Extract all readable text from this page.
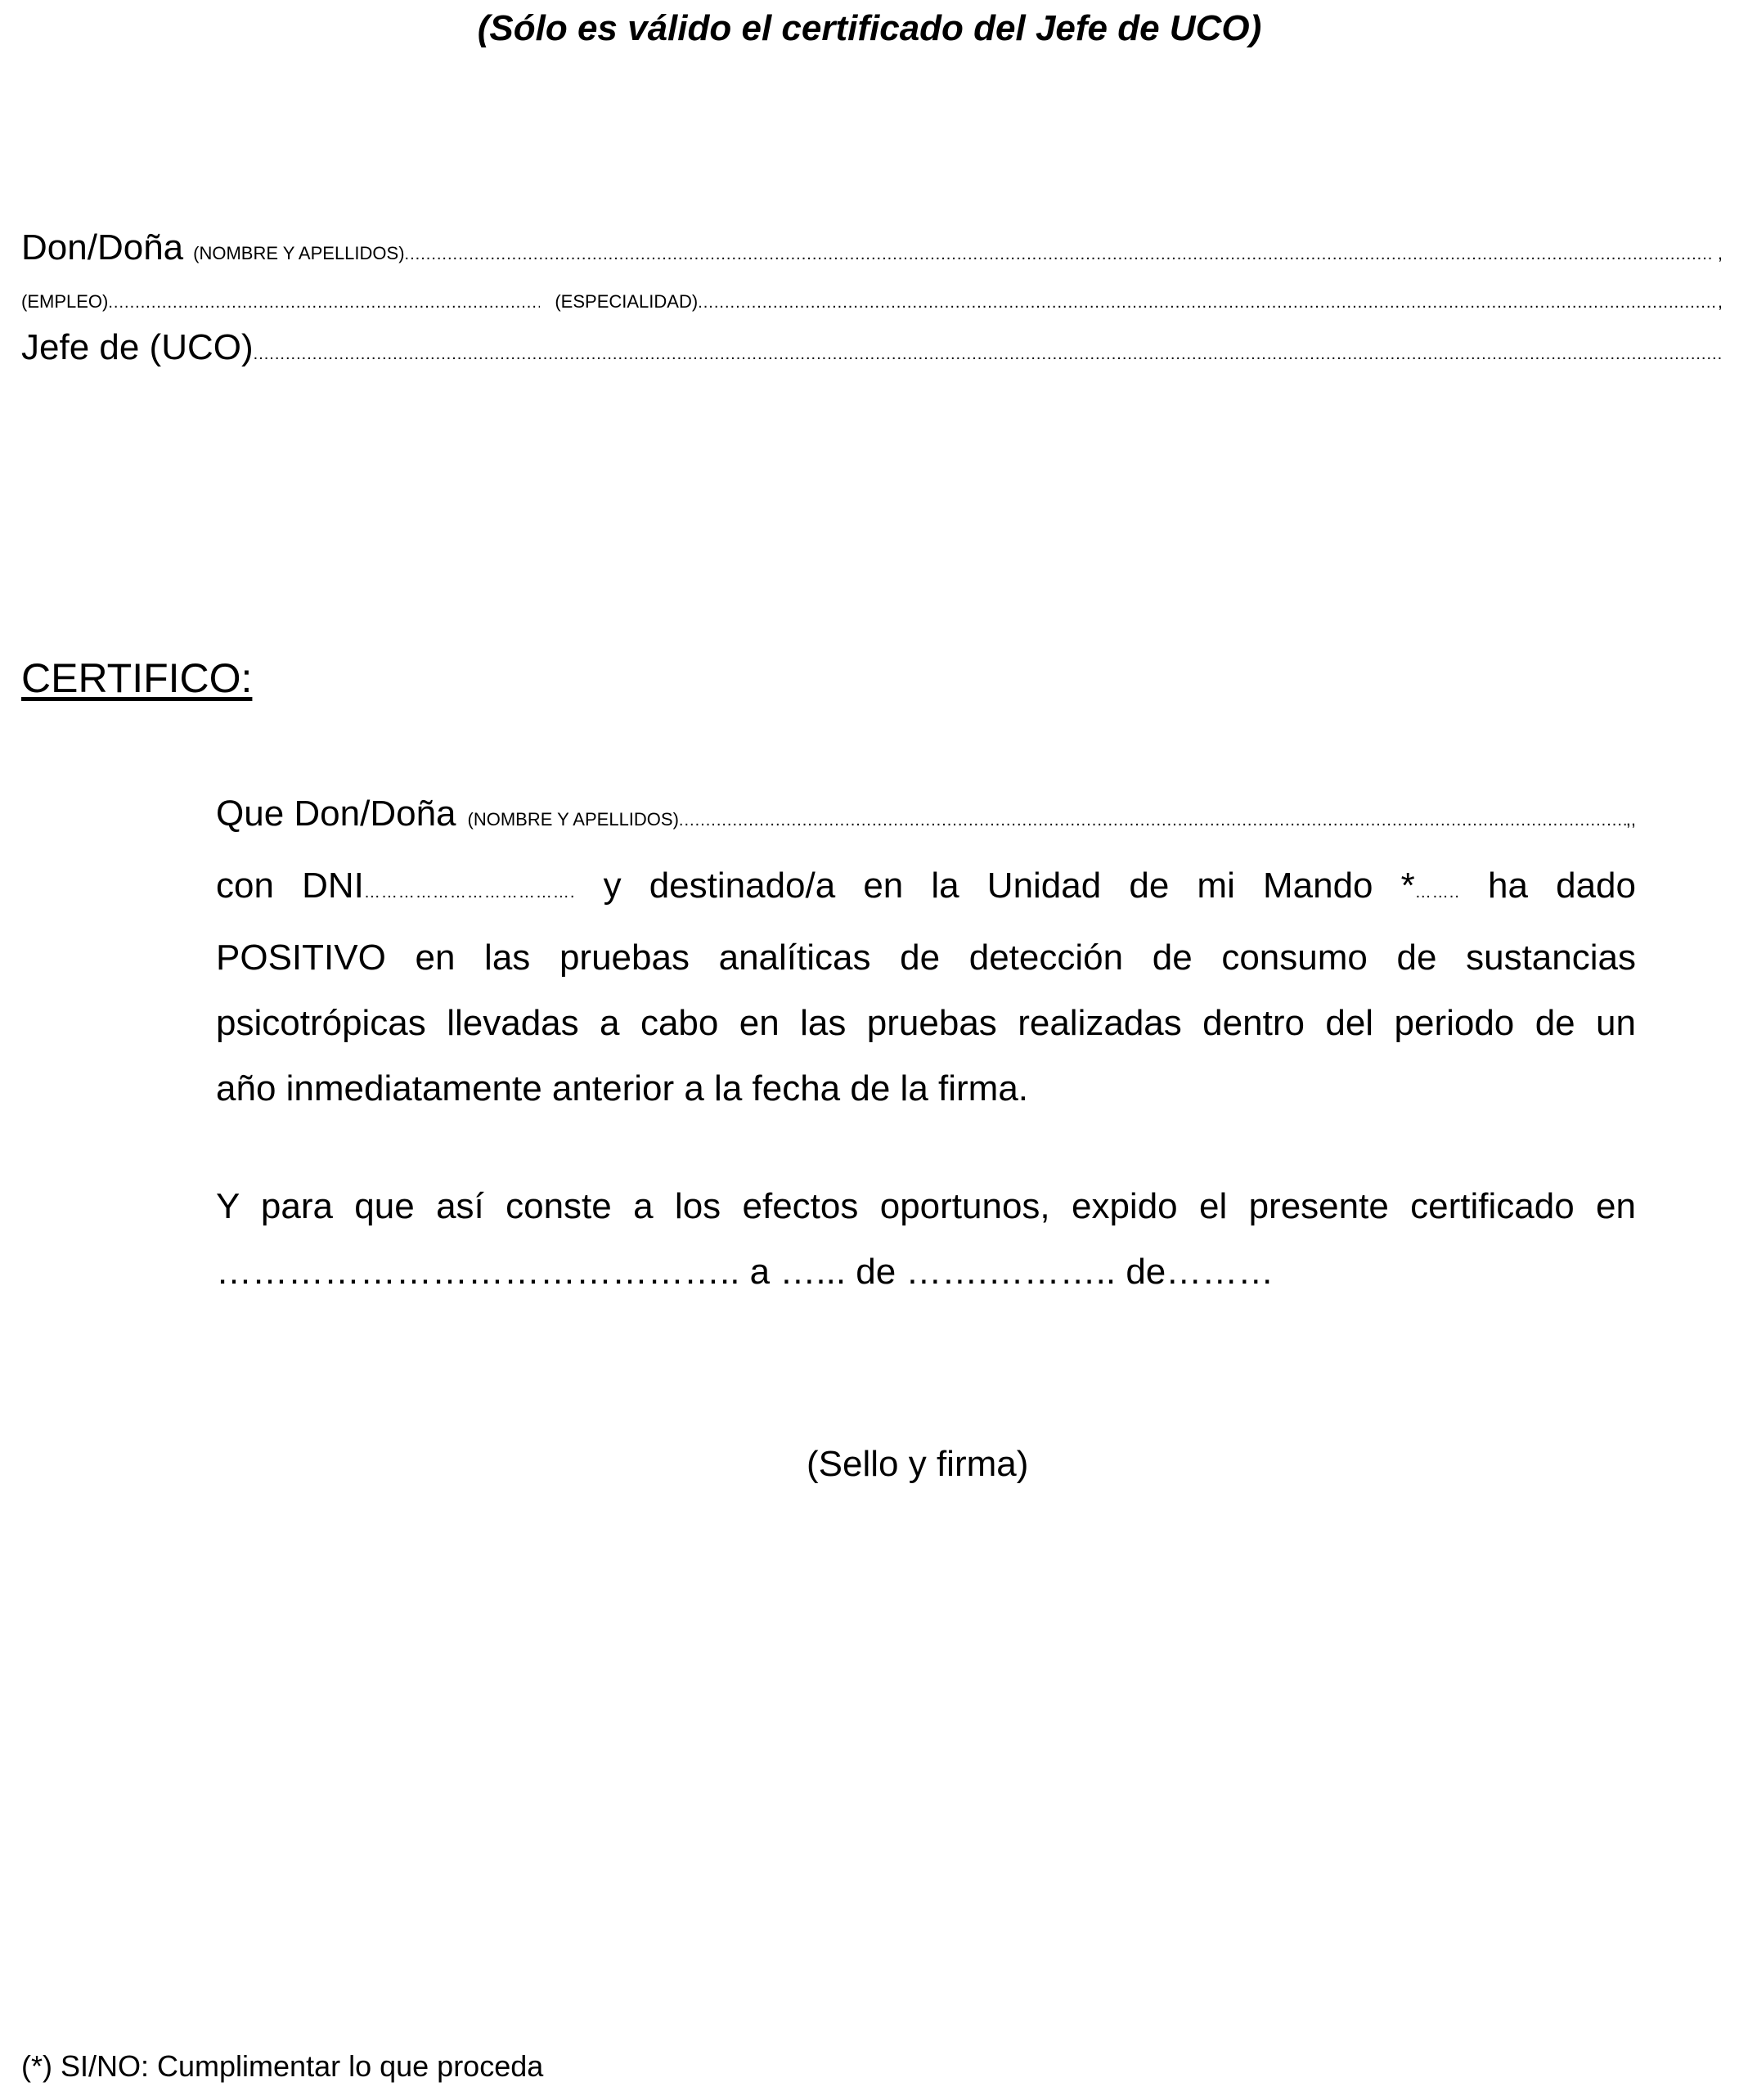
(Sólo es válido el certificado del Jefe de UCO)
Don/Doña (NOMBRE Y APELLIDOS) .....	,
(EMPLEO) .....	(ESPECIALIDAD) .....	,
Jefe de (UCO)
.....
CERTIFICO:
Que Don/Doña (NOMBRE Y APELLIDOS) .....	,,
con DNI………………………………. y destinado/a en la Unidad de mi Mando *…….. ha dado
POSITIVO en las pruebas analíticas de detección de consumo de sustancias
psicotrópicas llevadas a cabo en las pruebas realizadas dentro del periodo de un
año inmediatamente anterior a la fecha de la firma.
Y para que así conste a los efectos oportunos, expido el presente certificado en
…………………………………….. a …... de …….……….. de………
(Sello y firma)
(*) SI/NO: Cumplimentar lo que proceda
